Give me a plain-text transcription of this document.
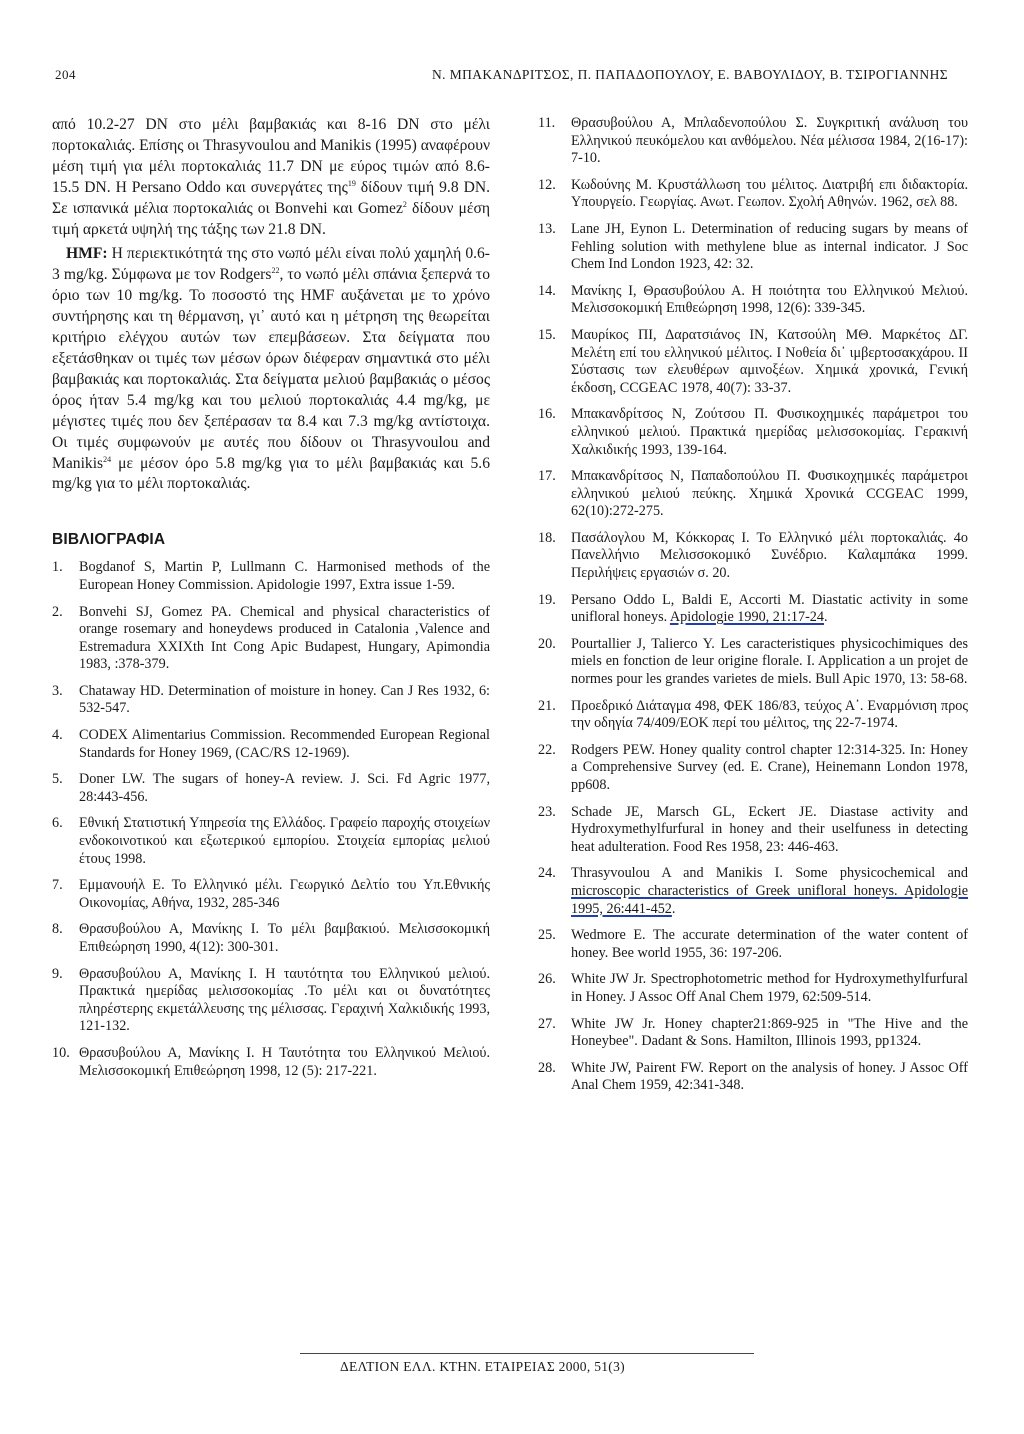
204	Ν. ΜΠΑΚΑΝΔΡΙΤΣΟΣ, Π. ΠΑΠΑΔΟΠΟΥΛΟΥ, Ε. ΒΑΒΟΥΛΙΔΟΥ, Β. ΤΣΙΡΟΓΙΑΝΝΗΣ

από 10.2-27 DN στο μέλι βαμβακιάς και 8-16 DN στο μέλι πορτοκαλιάς. Επίσης οι Thrasyvoulou and Manikis (1995) αναφέρουν μέση τιμή για μέλι πορτοκαλιάς 11.7 DN με εύρος τιμών από 8.6-15.5 DN. Η Persano Oddo και συνεργάτες της$^{19}$ δίδουν τιμή 9.8 DN. Σε ισπανικά μέλια πορτοκαλιάς οι Bonvehi και Gomez$^2$ δίδουν μέση τιμή αρκετά υψηλή της τάξης των 21.8 DN.

HMF: Η περιεκτικότητά της στο νωπό μέλι είναι πολύ χαμηλή 0.6-3 mg/kg. Σύμφωνα με τον Rodgers$^{22}$, το νωπό μέλι σπάνια ξεπερνά το όριο των 10 mg/kg. Το ποσοστό της HMF αυξάνεται με το χρόνο συντήρησης και τη θέρμανση, γι᾽ αυτό και η μέτρηση της θεωρείται κριτήριο ελέγχου αυτών των επεμβάσεων. Στα δείγματα που εξετάσθηκαν οι τιμές των μέσων όρων διέφεραν σημαντικά στο μέλι βαμβακιάς και πορτοκαλιάς. Στα δείγματα μελιού βαμβακιάς ο μέσος όρος ήταν 5.4 mg/kg και του μελιού πορτοκαλιάς 4.4 mg/kg, με μέγιστες τιμές που δεν ξεπέρασαν τα 8.4 και 7.3 mg/kg αντίστοιχα. Οι τιμές συμφωνούν με αυτές που δίδουν οι Thrasyvoulou and Manikis$^{24}$ με μέσον όρο 5.8 mg/kg για το μέλι βαμβακιάς και 5.6 mg/kg για το μέλι πορτοκαλιάς.

ΒΙΒΛΙΟΓΡΑΦΙΑ
1.	Bogdanof S, Martin P, Lullmann C. Harmonised methods of the European Honey Commission. Apidologie 1997, Extra issue 1-59.
2.	Bonvehi SJ, Gomez PA. Chemical and physical characteristics of orange rosemary and honeydews produced in Catalonia ,Valence and Estremadura XXIXth Int Cong Apic Budapest, Hungary, Apimondia 1983, :378-379.
3.	Chataway HD. Determination of moisture in honey. Can J Res 1932, 6: 532-547.
4.	CODEX Alimentarius Commission. Recommended European Regional Standards for Honey 1969, (CAC/RS 12-1969).
5.	Doner LW. The sugars of honey-A review. J. Sci. Fd Agric 1977, 28:443-456.
6.	Εθνική Στατιστική Υπηρεσία της Ελλάδος. Γραφείο παροχής στοιχείων ενδοκοινοτικού και εξωτερικού εμπορίου. Στοιχεία εμπορίας μελιού έτους 1998.
7.	Εμμανουήλ Ε. Το Ελληνικό μέλι. Γεωργικό Δελτίο του Υπ.Εθνικής Οικονομίας, Αθήνα, 1932, 285-346
8.	Θρασυβούλου Α, Μανίκης Ι. Το μέλι βαμβακιού. Μελισσοκομική Επιθεώρηση 1990, 4(12): 300-301.
9.	Θρασυβούλου Α, Μανίκης Ι. Η ταυτότητα του Ελληνικού μελιού. Πρακτικά ημερίδας μελισσοκομίας .Το μέλι και οι δυνατότητες πληρέστερης εκμετάλλευσης της μέλισσας. Γεραχινή Χαλκιδικής 1993, 121-132.
10. Θρασυβούλου Α, Μανίκης Ι. Η Ταυτότητα του Ελληνικού Μελιού. Μελισσοκομική Επιθεώρηση 1998, 12 (5): 217-221.
11.	Θρασυβούλου Α, Μπλαδενοπούλου Σ. Συγκριτική ανάλυση του Ελληνικού πευκόμελου και ανθόμελου. Νέα μέλισσα 1984, 2(16-17): 7-10.
12.	Κωδούνης Μ. Κρυστάλλωση του μέλιτος. Διατριβή επι διδακτορία. Υπουργείο. Γεωργίας. Ανωτ. Γεωπον. Σχολή Αθηνών. 1962, σελ 88.
13.	Lane JH, Eynon L. Determination of reducing sugars by means of Fehling solution with methylene blue as internal indicator. J Soc Chem Ind London 1923, 42: 32.
14.	Μανίκης Ι, Θρασυβούλου Α. Η ποιότητα του Ελληνικού Μελιού. Μελισσοκομική Επιθεώρηση 1998, 12(6): 339-345.
15.	Μαυρίκος ΠΙ, Δαρατσιάνος ΙΝ, Κατσούλη ΜΘ. Μαρκέτος ΔΓ. Μελέτη επί του ελληνικού μέλιτος. Ι Νοθεία δι᾽ ιμβερτοσακχάρου. ΙΙ Σύστασις των ελευθέρων αμινοξέων. Χημικά χρονικά, Γενική έκδοση, CCGEAC 1978, 40(7): 33-37.
16.	Μπακανδρίτσος Ν, Ζούτσου Π. Φυσικοχημικές παράμετροι του ελληνικού μελιού. Πρακτικά ημερίδας μελισσοκομίας. Γερακινή Χαλκιδικής 1993, 139-164.
17.	Μπακανδρίτσος Ν, Παπαδοπούλου Π. Φυσικοχημικές παράμετροι ελληνικού μελιού πεύκης. Χημικά Χρονικά CCGEAC 1999, 62(10):272-275.
18.	Πασάλογλου Μ, Κόκκορας Ι. Το Ελληνικό μέλι πορτοκαλιάς. 4ο Πανελλήνιο Μελισσοκομικό Συνέδριο. Καλαμπάκα 1999. Περιλήψεις εργασιών σ. 20.
19.	Persano Oddo L, Baldi E, Accorti M. Diastatic activity in some unifloral honeys. Apidologie 1990, 21:17-24.
20.	Pourtallier J, Talierco Y. Les caracteristiques physicochimiques des miels en fonction de leur origine florale. I. Application a un projet de normes pour les grandes varietes de miels. Bull Apic 1970, 13: 58-68.
21.	Προεδρικό Διάταγμα 498, ΦΕΚ 186/83, τεύχος Α᾽. Εναρμόνιση προς την οδηγία 74/409/ΕΟΚ περί του μέλιτος, της 22-7-1974.
22.	Rodgers PEW. Honey quality control chapter 12:314-325. In: Honey a Comprehensive Survey (ed. E. Crane), Heinemann London 1978, pp608.
23.	Schade JE, Marsch GL, Eckert JE. Diastase activity and Hydroxymethylfurfural in honey and their uselfuness in detecting heat adulteration. Food Res 1958, 23: 446-463.
24.	Thrasyvoulou A and Manikis I. Some physicochemical and microscopic characteristics of Greek unifloral honeys. Apidologie 1995, 26:441-452.
25.	Wedmore E. The accurate determination of the water content of honey. Bee world 1955, 36: 197-206.
26.	White JW Jr. Spectrophotometric method for Hydroxymethylfurfural in Honey. J Assoc Off Anal Chem 1979, 62:509-514.
27.	White JW Jr. Honey chapter21:869-925 in "The Hive and the Honeybee". Dadant & Sons. Hamilton, Illinois 1993, pp1324.
28.	White JW, Pairent FW. Report on the analysis of honey. J Assoc Off Anal Chem 1959, 42:341-348.
ΔΕΛΤΙΟΝ ΕΛΛ. ΚΤΗΝ. ΕΤΑΙΡΕΙΑΣ 2000, 51(3)
